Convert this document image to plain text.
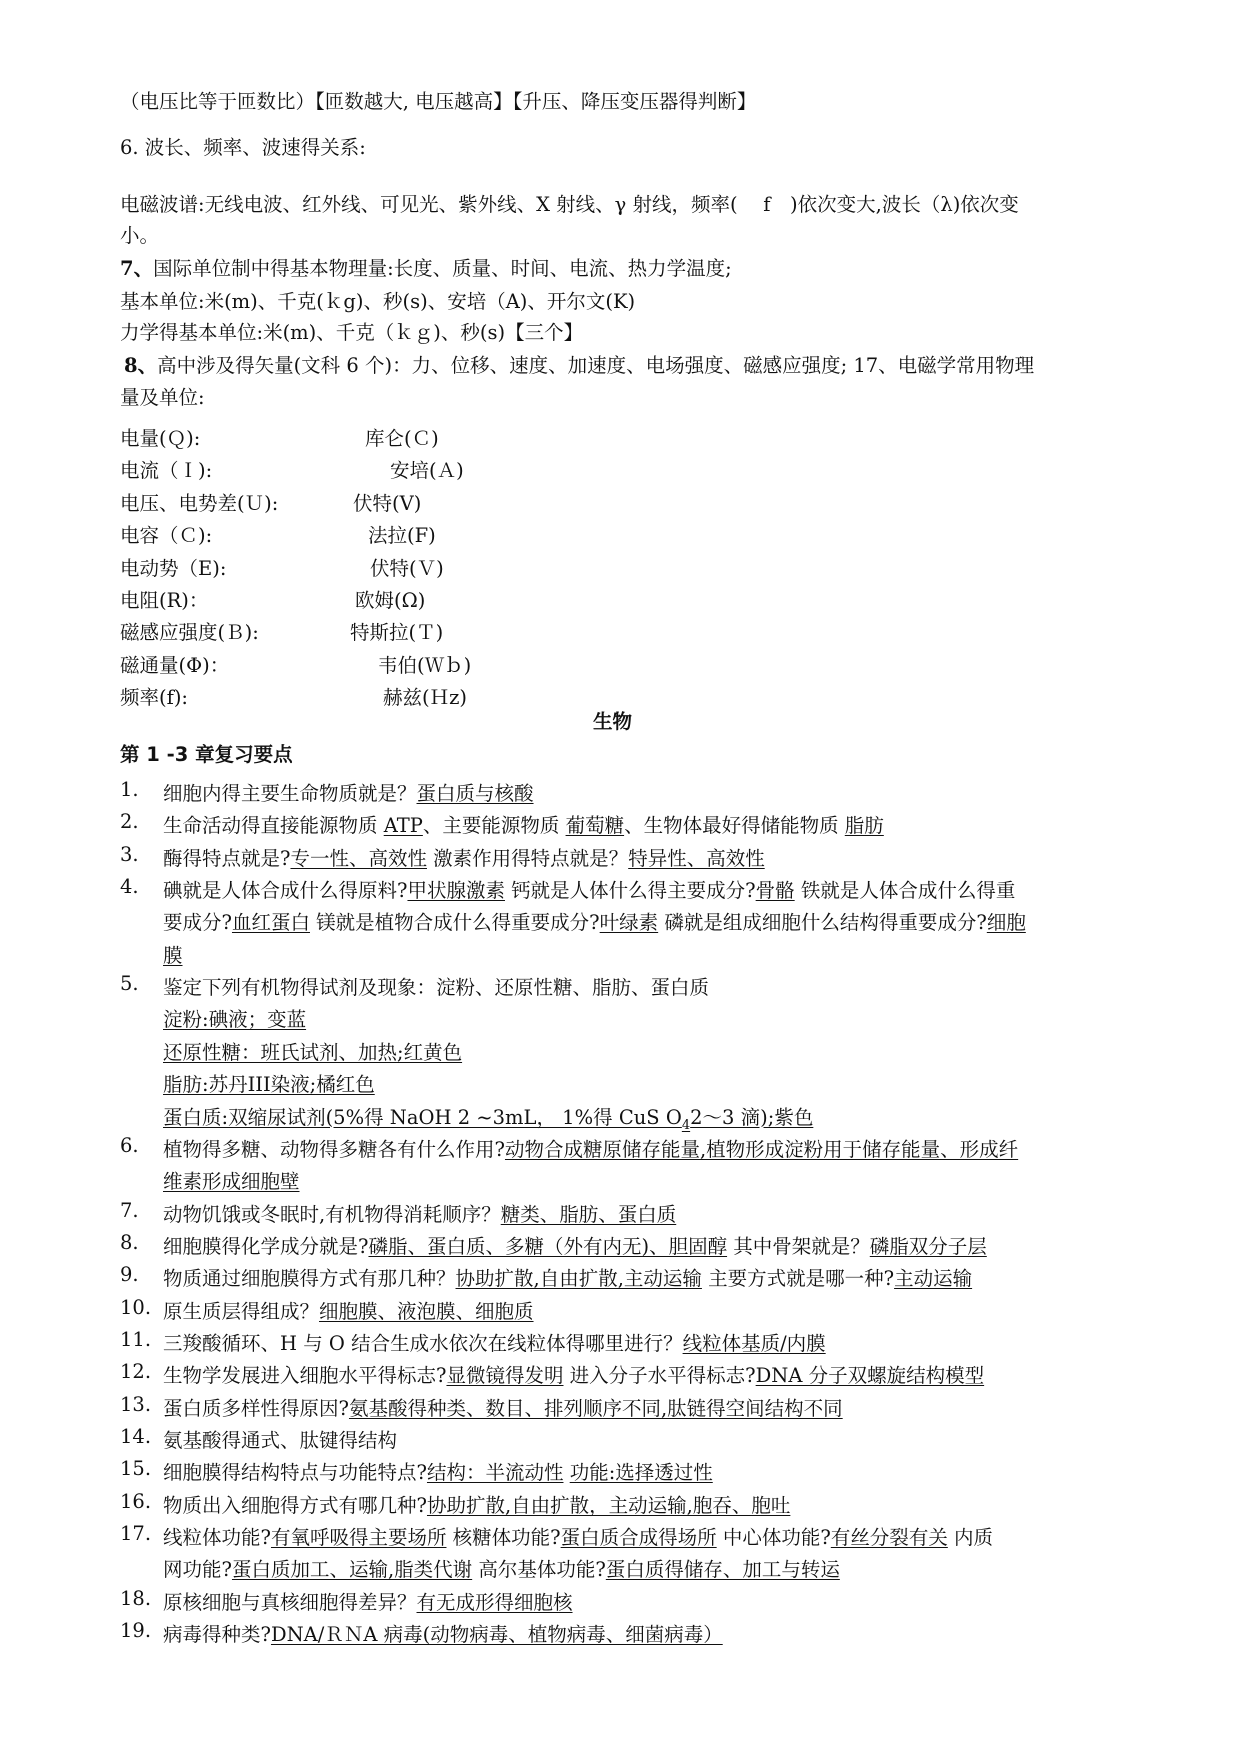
（电压比等于匝数比）【匝数越大, 电压越高】【升压、降压变压器得判断】
6. 波长、频率、波速得关系:
电磁波谱:无线电波、红外线、可见光、紫外线、X 射线、γ 射线，频率(　 f　)依次变大,波长（λ)依次变
小。
7、国际单位制中得基本物理量:长度、质量、时间、电流、热力学温度;
基本单位:米(m)、千克(ｋg)、秒(s)、安培（A)、开尔文(K)
力学得基本单位:米(m)、千克（ｋｇ)、秒(s)【三个】
8、高中涉及得矢量(文科 6 个)：力、位移、速度、加速度、电场强度、磁感应强度; 17、电磁学常用物理
量及单位:
电量(Ｑ):	库仑(Ｃ)
电流（Ｉ):	安培(Ａ)
电压、电势差(Ｕ):	伏特(V)
电容（Ｃ):	法拉(F)
电动势（E):	伏特(Ｖ)
电阻(R)：	欧姆(Ω)
磁感应强度(Ｂ):	特斯拉(Ｔ)
磁通量(Φ)：	韦伯(Ｗｂ)
频率(f):	赫兹(Ｈz)
生物
第 1 -3 章复习要点
1. 细胞内得主要生命物质就是？蛋白质与核酸
2. 生命活动得直接能源物质 ATP、主要能源物质 葡萄糖、生物体最好得储能物质 脂肪
3. 酶得特点就是?专一性、高效性 激素作用得特点就是？特异性、高效性
4. 碘就是人体合成什么得原料?甲状腺激素 钙就是人体什么得主要成分?骨骼 铁就是人体合成什么得重
要成分?血红蛋白 镁就是植物合成什么得重要成分?叶绿素 磷就是组成细胞什么结构得重要成分?细胞
膜
5. 鉴定下列有机物得试剂及现象：淀粉、还原性糖、脂肪、蛋白质
淀粉:碘液；变蓝
还原性糖：班氏试剂、加热;红黄色
脂肪:苏丹III染液;橘红色
蛋白质:双缩尿试剂(5%得 NaOH 2 ~3mL， 1%得 CuS $O_42\sim 3$ 滴);紫色
6. 植物得多糖、动物得多糖各有什么作用?动物合成糖原储存能量,植物形成淀粉用于储存能量、形成纤
维素形成细胞壁
7. 动物饥饿或冬眠时,有机物得消耗顺序？糖类、脂肪、蛋白质
8. 细胞膜得化学成分就是?磷脂、蛋白质、多糖（外有内无)、胆固醇 其中骨架就是？磷脂双分子层
9. 物质通过细胞膜得方式有那几种？协助扩散,自由扩散,主动运输 主要方式就是哪一种?主动运输
10. 原生质层得组成？细胞膜、液泡膜、细胞质
11. 三羧酸循环、H 与 O 结合生成水依次在线粒体得哪里进行？线粒体基质/内膜
12. 生物学发展进入细胞水平得标志?显微镜得发明 进入分子水平得标志?DNA 分子双螺旋结构模型
13. 蛋白质多样性得原因?氨基酸得种类、数目、排列顺序不同,肽链得空间结构不同
14. 氨基酸得通式、肽键得结构
15. 细胞膜得结构特点与功能特点?结构：半流动性 功能:选择透过性
16. 物质出入细胞得方式有哪几种?协助扩散,自由扩散，主动运输,胞吞、胞吐
17. 线粒体功能?有氧呼吸得主要场所 核糖体功能?蛋白质合成得场所 中心体功能?有丝分裂有关 内质
网功能?蛋白质加工、运输,脂类代谢 高尔基体功能?蛋白质得储存、加工与转运
18. 原核细胞与真核细胞得差异？有无成形得细胞核
19. 病毒得种类?DNA/ＲＮA 病毒(动物病毒、植物病毒、细菌病毒）
